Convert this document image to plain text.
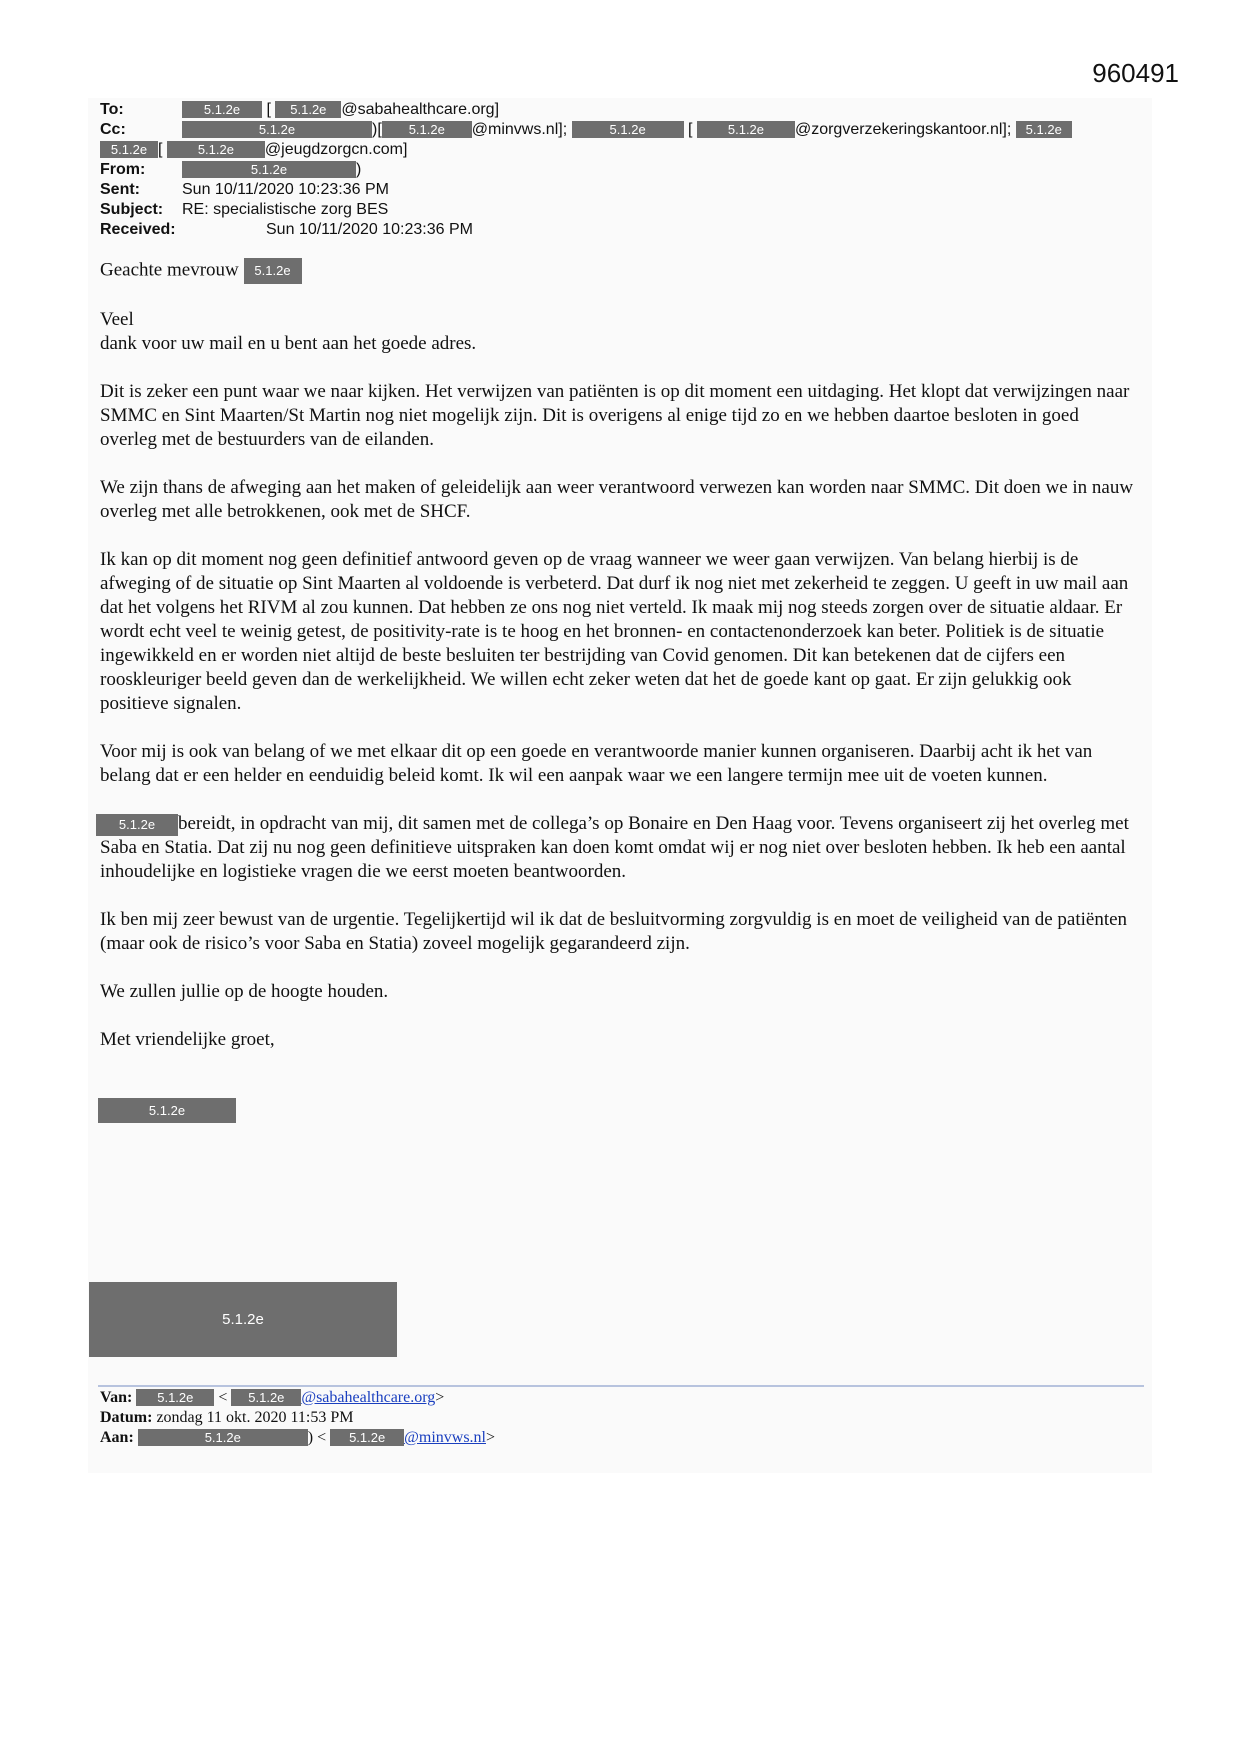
960491
To:	5.1.2e [ 5.1.2e @sabahealthcare.org]
Cc:	5.1.2e	)[ 5.1.2e @minvws.nl];	5.1.2e [ 5.1.2e @zorgverzekeringskantoor.nl]; 5.1.2e
5.1.2e [ 5.1.2e @jeugdzorgcn.com]
From:	5.1.2e	)
Sent:	Sun 10/11/2020 10:23:36 PM
Subject: RE: specialistische zorg BES
Received:	Sun 10/11/2020 10:23:36 PM

Geachte mevrouw 5.1.2e

Veel
dank voor uw mail en u bent aan het goede adres.

Dit is zeker een punt waar we naar kijken. Het verwijzen van patiënten is op dit moment een uitdaging. Het klopt dat verwijzingen naar SMMC en Sint Maarten/St Martin nog niet mogelijk zijn. Dit is overigens al enige tijd zo en we hebben daartoe besloten in goed overleg met de bestuurders van de eilanden.

We zijn thans de afweging aan het maken of geleidelijk aan weer verantwoord verwezen kan worden naar SMMC. Dit doen we in nauw overleg met alle betrokkenen, ook met de SHCF.

Ik kan op dit moment nog geen definitief antwoord geven op de vraag wanneer we weer gaan verwijzen. Van belang hierbij is de afweging of de situatie op Sint Maarten al voldoende is verbeterd. Dat durf ik nog niet met zekerheid te zeggen. U geeft in uw mail aan dat het volgens het RIVM al zou kunnen. Dat hebben ze ons nog niet verteld. Ik maak mij nog steeds zorgen over de situatie aldaar. Er wordt echt veel te weinig getest, de positivity-rate is te hoog en het bronnen- en contactenonderzoek kan beter. Politiek is de situatie ingewikkeld en er worden niet altijd de beste besluiten ter bestrijding van Covid genomen. Dit kan betekenen dat de cijfers een rooskleuriger beeld geven dan de werkelijkheid. We willen echt zeker weten dat het de goede kant op gaat. Er zijn gelukkig ook positieve signalen.

Voor mij is ook van belang of we met elkaar dit op een goede en verantwoorde manier kunnen organiseren. Daarbij acht ik het van belang dat er een helder en eenduidig beleid komt. Ik wil een aanpak waar we een langere termijn mee uit de voeten kunnen.

5.1.2e bereidt, in opdracht van mij, dit samen met de collega’s op Bonaire en Den Haag voor. Tevens organiseert zij het overleg met Saba en Statia. Dat zij nu nog geen definitieve uitspraken kan doen komt omdat wij er nog niet over besloten hebben. Ik heb een aantal inhoudelijke en logistieke vragen die we eerst moeten beantwoorden.

Ik ben mij zeer bewust van de urgentie. Tegelijkertijd wil ik dat de besluitvorming zorgvuldig is en moet de veiligheid van de patiënten (maar ook de risico’s voor Saba en Statia) zoveel mogelijk gegarandeerd zijn.

We zullen jullie op de hoogte houden.

Met vriendelijke groet,

5.1.2e
5.1.2e
Van: 5.1.2e < 5.1.2e @sabahealthcare.org>
Datum: zondag 11 okt. 2020 11:53 PM
Aan:	5.1.2e	) < 5.1.2e @minvws.nl>
